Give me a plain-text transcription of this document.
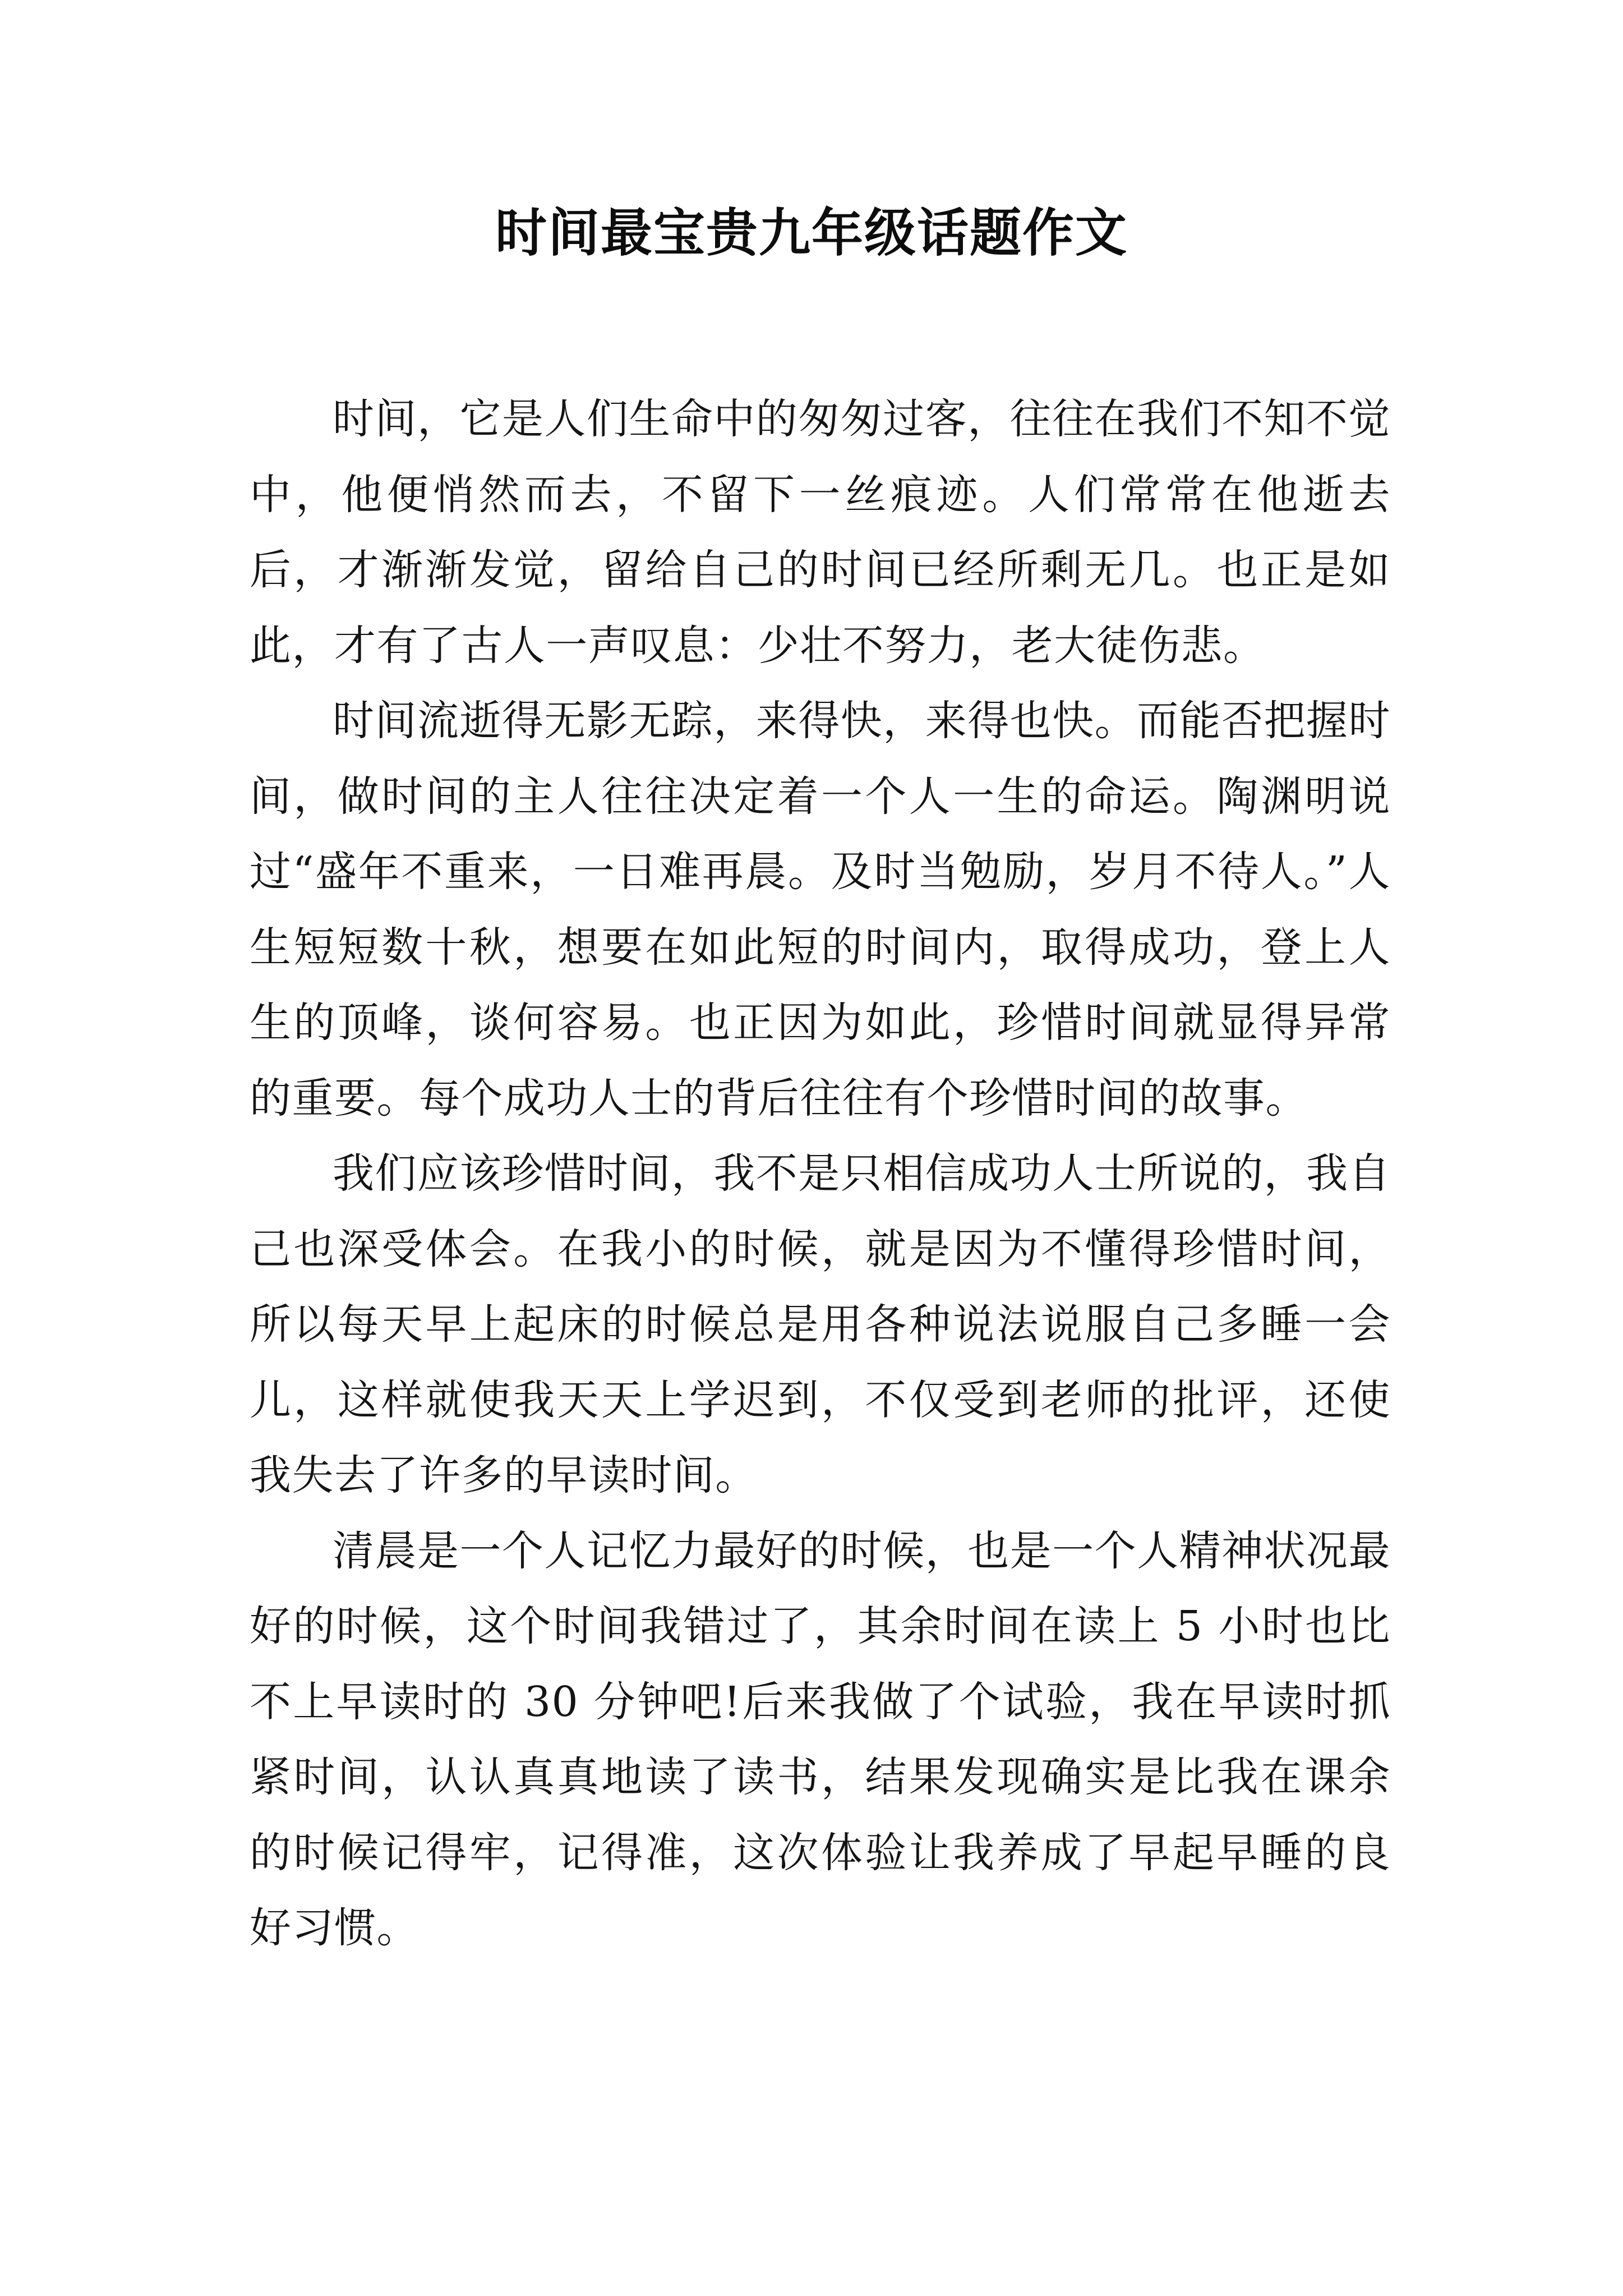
时间最宝贵九年级话题作文

时间，它是人们生命中的匆匆过客，往往在我们不知不觉中，他便悄然而去，不留下一丝痕迹。人们常常在他逝去后，才渐渐发觉，留给自己的时间已经所剩无几。也正是如此，才有了古人一声叹息：少壮不努力，老大徒伤悲。

时间流逝得无影无踪，来得快，来得也快。而能否把握时间，做时间的主人往往决定着一个人一生的命运。陶渊明说过“盛年不重来，一日难再晨。及时当勉励，岁月不待人。”人生短短数十秋，想要在如此短的时间内，取得成功，登上人生的顶峰，谈何容易。也正因为如此，珍惜时间就显得异常的重要。每个成功人士的背后往往有个珍惜时间的故事。

我们应该珍惜时间，我不是只相信成功人士所说的，我自己也深受体会。在我小的时候，就是因为不懂得珍惜时间，所以每天早上起床的时候总是用各种说法说服自己多睡一会儿，这样就使我天天上学迟到，不仅受到老师的批评，还使我失去了许多的早读时间。

清晨是一个人记忆力最好的时候，也是一个人精神状况最好的时候，这个时间我错过了，其余时间在读上 5 小时也比不上早读时的 30 分钟吧!后来我做了个试验，我在早读时抓紧时间，认认真真地读了读书，结果发现确实是比我在课余的时候记得牢，记得准，这次体验让我养成了早起早睡的良好习惯。
